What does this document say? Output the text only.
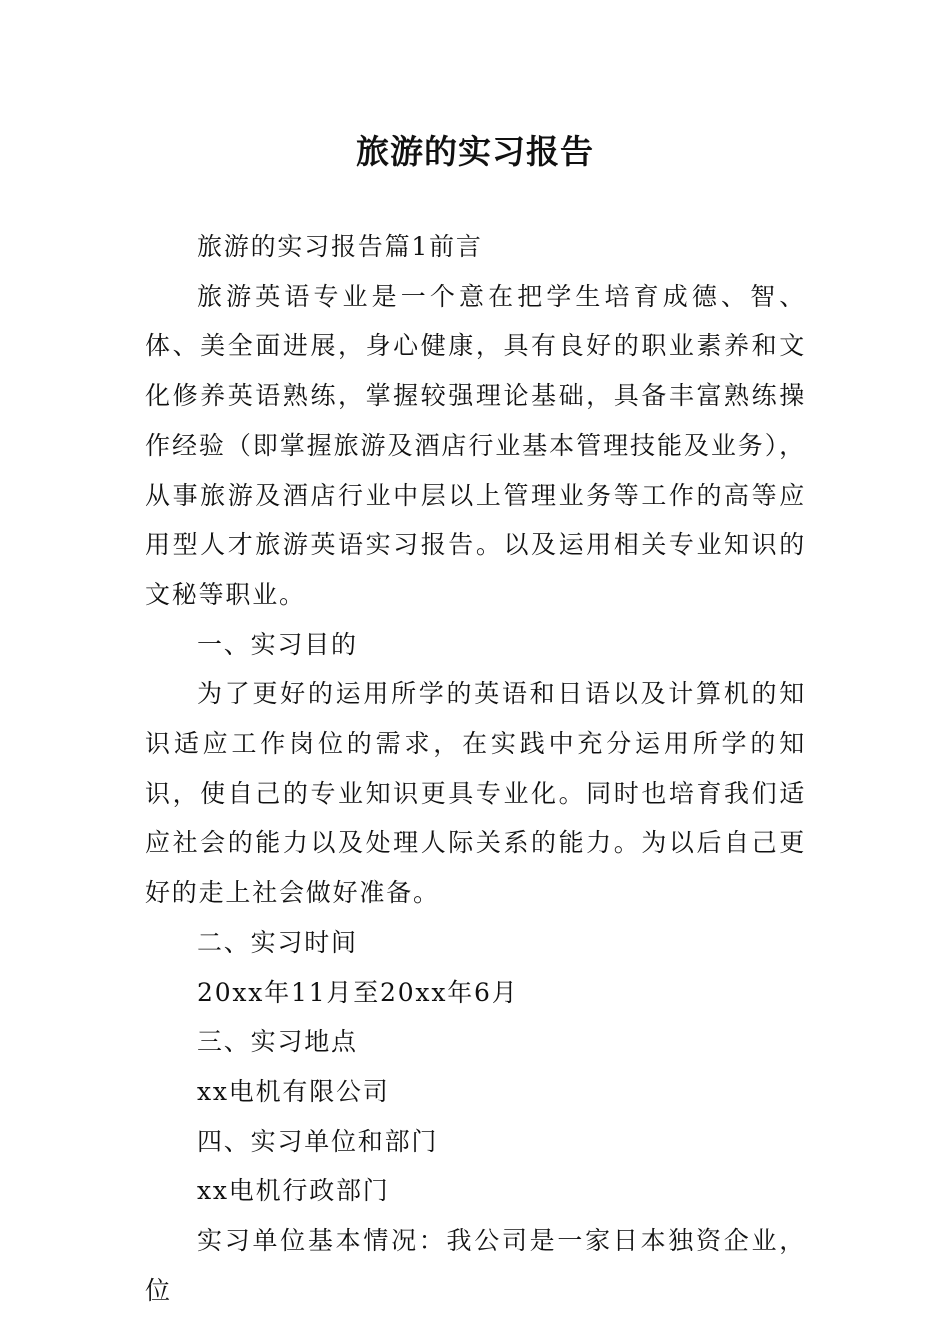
旅游的实习报告

旅游的实习报告篇1前言

旅游英语专业是一个意在把学生培育成德、智、体、美全面进展，身心健康，具有良好的职业素养和文化修养英语熟练，掌握较强理论基础，具备丰富熟练操作经验（即掌握旅游及酒店行业基本管理技能及业务），从事旅游及酒店行业中层以上管理业务等工作的高等应用型人才旅游英语实习报告。以及运用相关专业知识的文秘等职业。

一、实习目的

为了更好的运用所学的英语和日语以及计算机的知识适应工作岗位的需求，在实践中充分运用所学的知识，使自己的专业知识更具专业化。同时也培育我们适应社会的能力以及处理人际关系的能力。为以后自己更好的走上社会做好准备。

二、实习时间

20xx年11月至20xx年6月

三、实习地点

xx电机有限公司

四、实习单位和部门

xx电机行政部门

实习单位基本情况：我公司是一家日本独资企业，位
